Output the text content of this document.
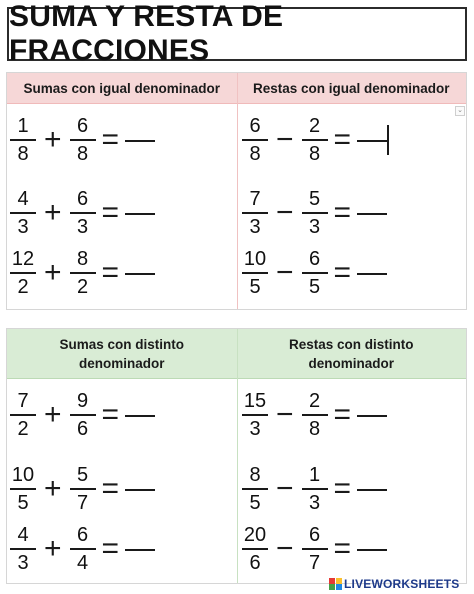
SUMA Y RESTA DE FRACCIONES
Sumas con igual denominador	Restas con igual denominador
⌄
Sumas con distinto denominador
Restas con distinto denominador
$\frac{1}{8} + \frac{6}{8}$ =
$\frac{4}{3} + \frac{6}{3}$ =
$\frac{12}{2} + \frac{8}{2}$ =
$\frac{6}{8} - \frac{2}{8}$ =
$\frac{7}{3} - \frac{5}{3}$ =
$\frac{10}{5} - \frac{6}{5}$ =
$\frac{7}{2} + \frac{9}{6}$ =
$\frac{10}{5} + \frac{5}{7}$ =
$\frac{4}{3} + \frac{6}{4}$ =
$\frac{15}{3} - \frac{2}{8}$ =
$\frac{8}{5} - \frac{1}{3}$ =
$\frac{20}{6} - \frac{6}{7}$ =
LIVEWORKSHEETS
